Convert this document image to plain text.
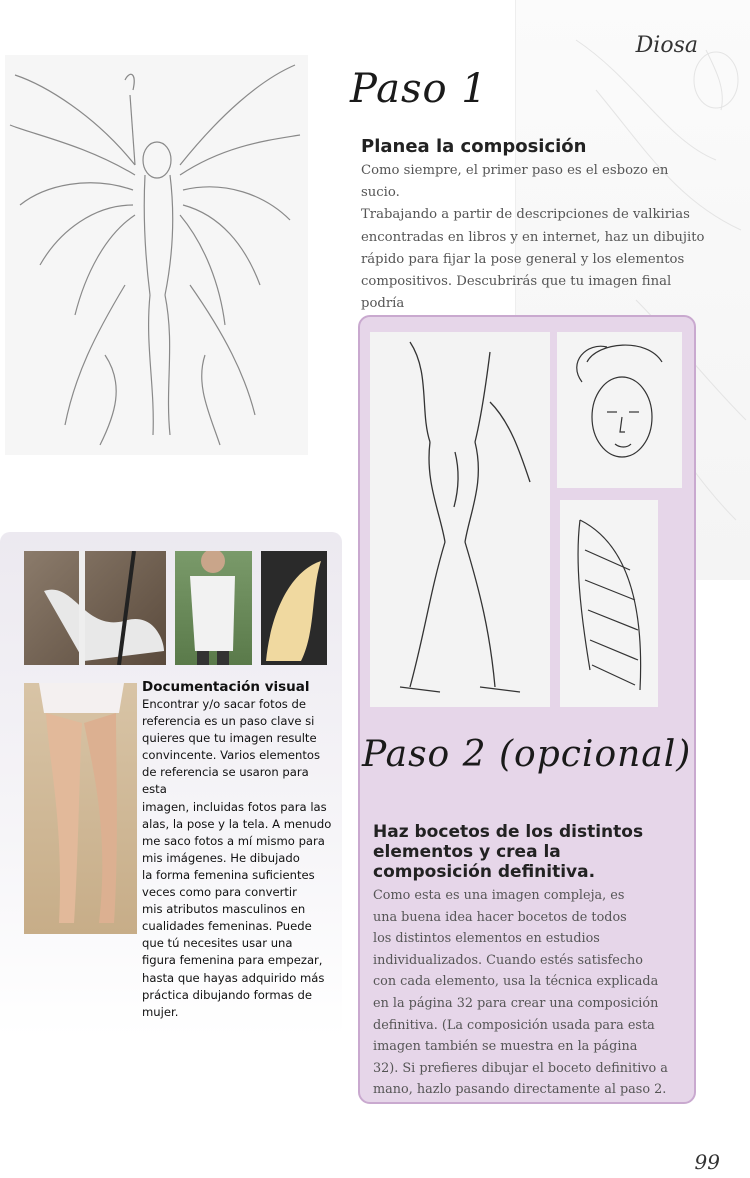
Diosa
Paso 1
Planea la composición
Como siempre, el primer paso es el esbozo en sucio.
Trabajando a partir de descripciones de valkirias
encontradas en libros y en internet, haz un dibujito
rápido para fijar la pose general y los elementos
compositivos. Descubrirás que tu imagen final podría
Paso 2 (opcional)
Haz bocetos de los distintos
elementos y crea la
composición definitiva.
Como esta es una imagen compleja, es
una buena idea hacer bocetos de todos
los distintos elementos en estudios
individualizados. Cuando estés satisfecho
con cada elemento, usa la técnica explicada
en la página 32 para crear una composición
definitiva. (La composición usada para esta
imagen también se muestra en la página
32). Si prefieres dibujar el boceto definitivo a
mano, hazlo pasando directamente al paso 2.
Documentación visual
Encontrar y/o sacar fotos de
referencia es un paso clave si
quieres que tu imagen resulte
convincente. Varios elementos
de referencia se usaron para esta
imagen, incluidas fotos para las
alas, la pose y la tela. A menudo
me saco fotos a mí mismo para
mis imágenes. He dibujado
la forma femenina suficientes
veces como para convertir
mis atributos masculinos en
cualidades femeninas. Puede
que tú necesites usar una
figura femenina para empezar,
hasta que hayas adquirido más
práctica dibujando formas de
mujer.
99
